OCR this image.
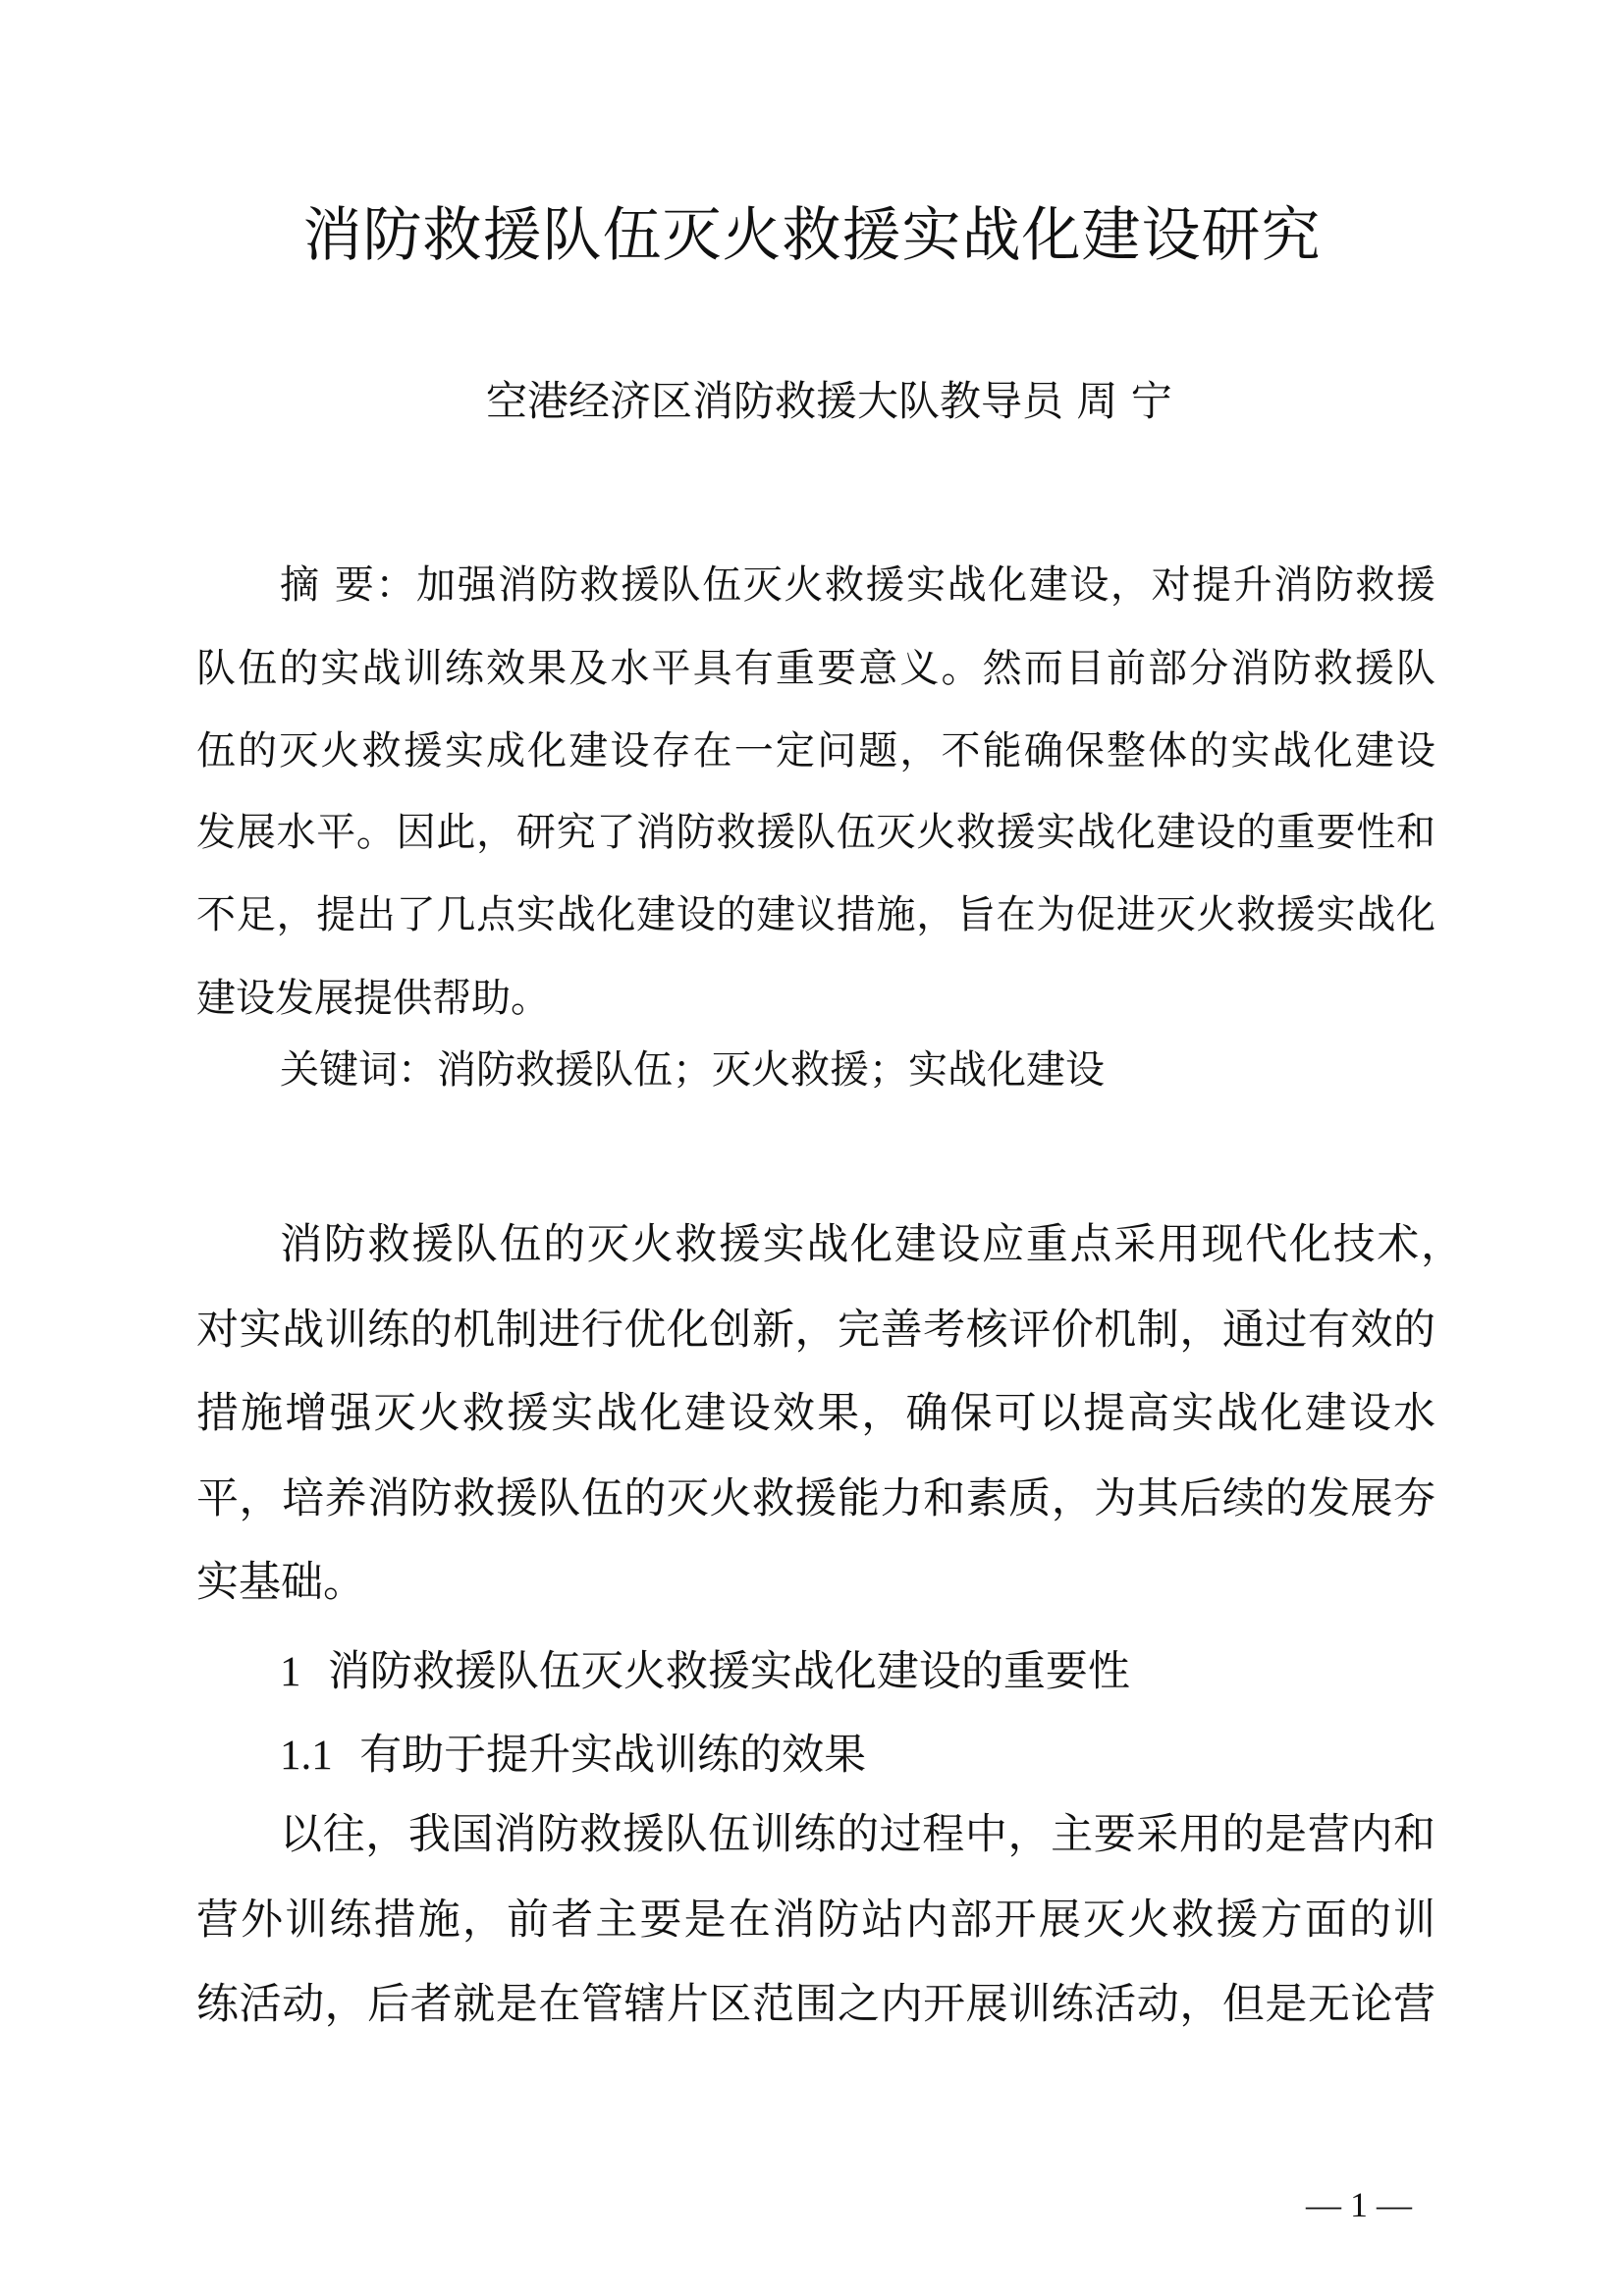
消防救援队伍灭火救援实战化建设研究
空港经济区消防救援大队教导员 周 宁
摘 要：加强消防救援队伍灭火救援实战化建设，对提升消防救援
队伍的实战训练效果及水平具有重要意义。然而目前部分消防救援队
伍的灭火救援实成化建设存在一定问题，不能确保整体的实战化建设
发展水平。因此，研究了消防救援队伍灭火救援实战化建设的重要性和
不足，提出了几点实战化建设的建议措施，旨在为促进灭火救援实战化
建设发展提供帮助。
关键词：消防救援队伍；灭火救援；实战化建设
消防救援队伍的灭火救援实战化建设应重点采用现代化技术，
对实战训练的机制进行优化创新，完善考核评价机制，通过有效的
措施增强灭火救援实战化建设效果，确保可以提高实战化建设水
平，培养消防救援队伍的灭火救援能力和素质，为其后续的发展夯
实基础。
以往，我国消防救援队伍训练的过程中，主要采用的是营内和
营外训练措施，前者主要是在消防站内部开展灭火救援方面的训
练活动，后者就是在管辖片区范围之内开展训练活动，但是无论营
1 消防救援队伍灭火救援实战化建设的重要性
1.1 有助于提升实战训练的效果
— 1 —
